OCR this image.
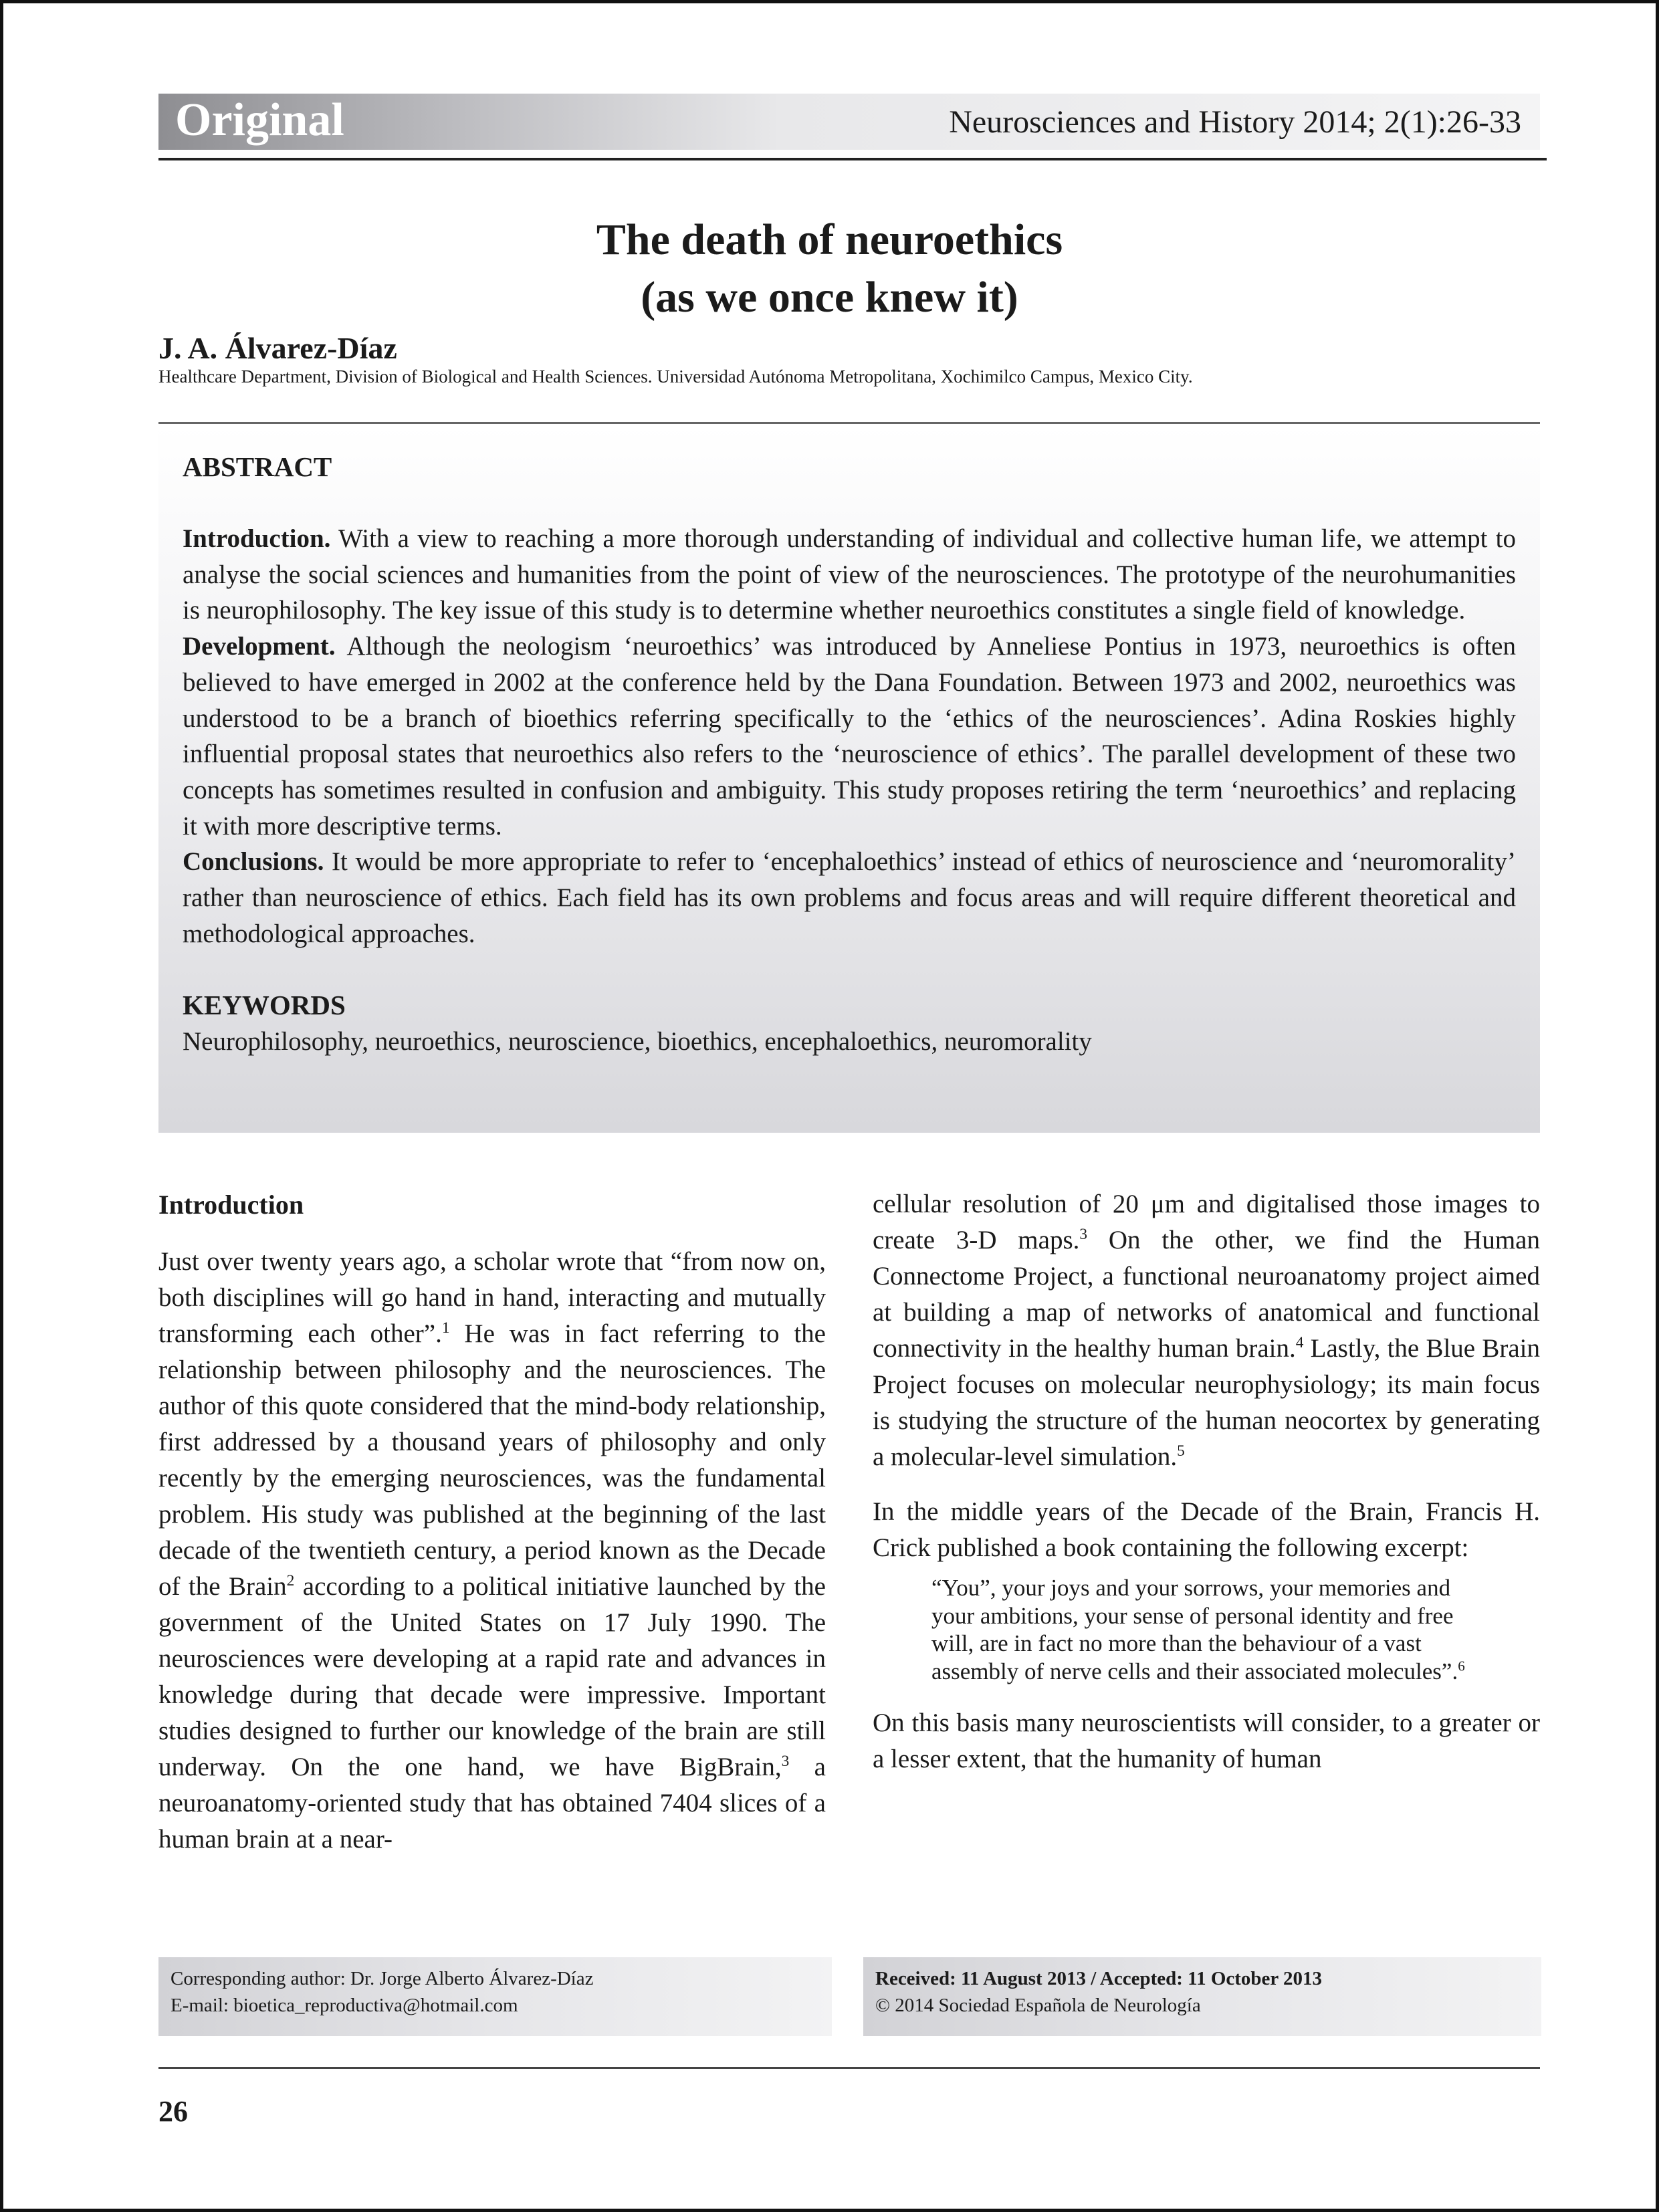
Original	Neurosciences and History 2014; 2(1):26-33
The death of neuroethics
(as we once knew it)
J. A. Álvarez-Díaz
Healthcare Department, Division of Biological and Health Sciences. Universidad Autónoma Metropolitana, Xochimilco Campus, Mexico City.
ABSTRACT
Introduction. With a view to reaching a more thorough understanding of individual and collective human life, we attempt to analyse the social sciences and humanities from the point of view of the neurosciences. The prototype of the neurohumanities is neurophilosophy. The key issue of this study is to determine whether neuroethics constitutes a single field of knowledge.
Development. Although the neologism ‘neuroethics’ was introduced by Anneliese Pontius in 1973, neuroethics is often believed to have emerged in 2002 at the conference held by the Dana Foundation. Between 1973 and 2002, neuroethics was understood to be a branch of bioethics referring specifically to the ‘ethics of the neurosciences’. Adina Roskies highly influential proposal states that neuroethics also refers to the ‘neuroscience of ethics’. The parallel development of these two concepts has sometimes resulted in confusion and ambiguity. This study proposes retiring the term ‘neuroethics’ and replacing it with more descriptive terms.
Conclusions. It would be more appropriate to refer to ‘encephaloethics’ instead of ethics of neuroscience and ‘neuromorality’ rather than neuroscience of ethics. Each field has its own problems and focus areas and will require different theoretical and methodological approaches.
KEYWORDS
Neurophilosophy, neuroethics, neuroscience, bioethics, encephaloethics, neuromorality

Introduction

Just over twenty years ago, a scholar wrote that “from now on, both disciplines will go hand in hand, interacting and mutually transforming each other”.$^1$ He was in fact referring to the relationship between philosophy and the neurosciences. The author of this quote considered that the mind-body relationship, first addressed by a thousand years of philosophy and only recently by the emerging neurosciences, was the fundamental problem. His study was published at the beginning of the last decade of the twentieth century, a period known as the Decade of the Brain$^2$ according to a political initiative launched by the government of the United States on 17 July 1990. The neurosciences were developing at a rapid rate and advances in knowledge during that decade were impressive. Important studies designed to further our knowledge of the brain are still underway. On the one hand, we have BigBrain,$^3$ a neuroanatomy-oriented study that has obtained 7404 slices of a human brain at a near-

cellular resolution of 20 μm and digitalised those images to create 3-D maps.$^3$ On the other, we find the Human Connectome Project, a functional neuroanatomy project aimed at building a map of networks of anatomical and functional connectivity in the healthy human brain.$^4$ Lastly, the Blue Brain Project focuses on molecular neurophysiology; its main focus is studying the structure of the human neocortex by generating a molecular-level simulation.$^5$

In the middle years of the Decade of the Brain, Francis H. Crick published a book containing the following excerpt:

“You”, your joys and your sorrows, your memories and your ambitions, your sense of personal identity and free will, are in fact no more than the behaviour of a vast assembly of nerve cells and their associated molecules”.$^6$

On this basis many neuroscientists will consider, to a greater or a lesser extent, that the humanity of human

Corresponding author: Dr. Jorge Alberto Álvarez-Díaz
E-mail: bioetica_reproductiva@hotmail.com
Received: 11 August 2013 / Accepted: 11 October 2013
© 2014 Sociedad Española de Neurología
26
